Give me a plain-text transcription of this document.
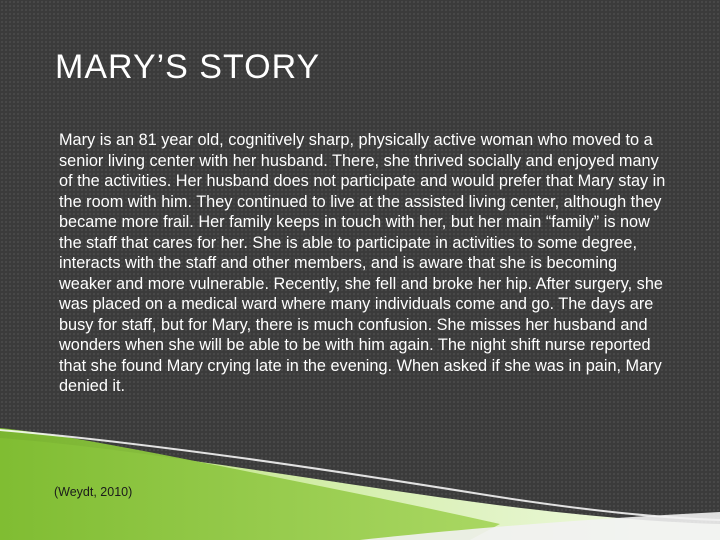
MARY’S STORY

Mary is an 81 year old, cognitively sharp, physically active woman who moved to a senior living center with her husband. There, she thrived socially and enjoyed many of the activities. Her husband does not participate and would prefer that Mary stay in the room with him. They continued to live at the assisted living center, although they became more frail. Her family keeps in touch with her, but her main “family” is now the staff that cares for her. She is able to participate in activities to some degree, interacts with the staff and other members, and is aware that she is becoming weaker and more vulnerable. Recently, she fell and broke her hip. After surgery, she was placed on a medical ward where many individuals come and go. The days are busy for staff, but for Mary, there is much confusion. She misses her husband and wonders when she will be able to be with him again. The night shift nurse reported that she found Mary crying late in the evening. When asked if she was in pain, Mary denied it.

(Weydt, 2010)
